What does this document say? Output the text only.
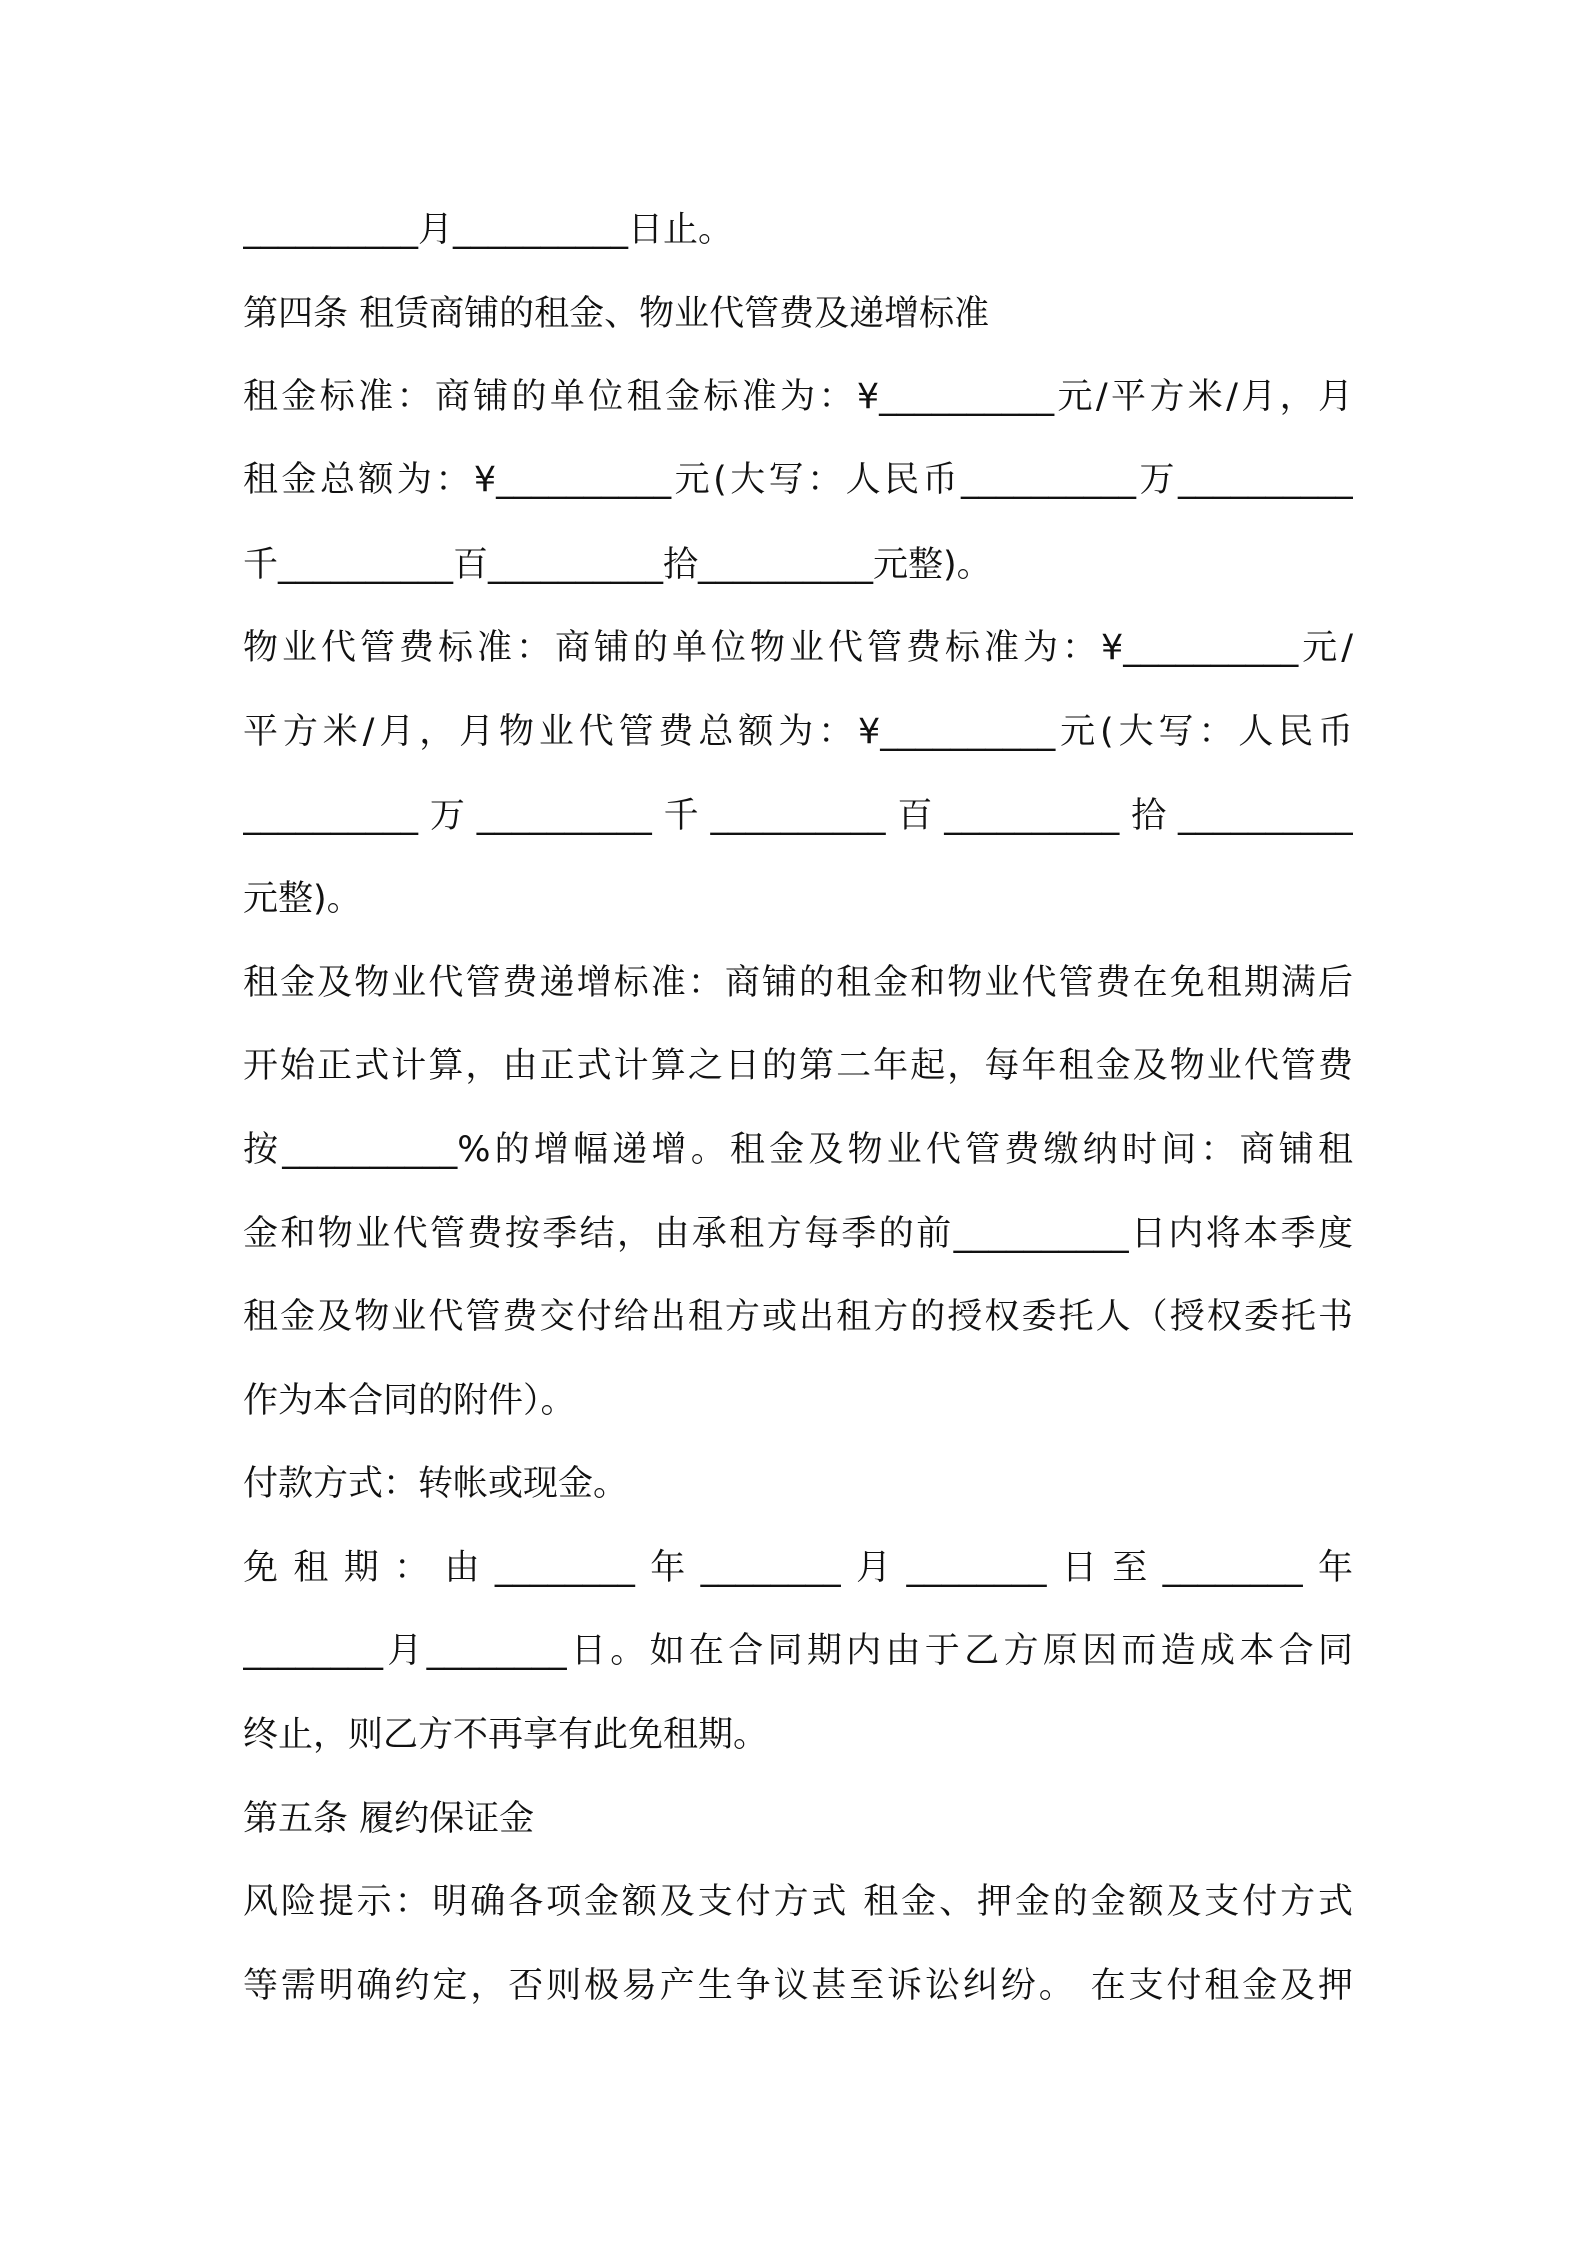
__________月__________日止。
第四条 租赁商铺的租金、物业代管费及递增标准
租金标准：商铺的单位租金标准为：¥__________元/平方米/月，月
租金总额为：¥__________元(大写：人民币__________万__________
千__________百__________拾__________元整)。
物业代管费标准：商铺的单位物业代管费标准为：¥__________元/
平方米/月，月物业代管费总额为：¥__________元(大写：人民币
__________万__________千__________百__________拾__________
元整)。
租金及物业代管费递增标准：商铺的租金和物业代管费在免租期满后
开始正式计算，由正式计算之日的第二年起，每年租金及物业代管费
按__________%的增幅递增。租金及物业代管费缴纳时间：商铺租
金和物业代管费按季结，由承租方每季的前__________日内将本季度
租金及物业代管费交付给出租方或出租方的授权委托人（授权委托书
作为本合同的附件）。
付款方式：转帐或现金。
免租期：由________年________月________日至________年
________月________日。如在合同期内由于乙方原因而造成本合同
终止，则乙方不再享有此免租期。
第五条 履约保证金
风险提示：明确各项金额及支付方式 租金、押金的金额及支付方式
等需明确约定，否则极易产生争议甚至诉讼纠纷。 在支付租金及押
